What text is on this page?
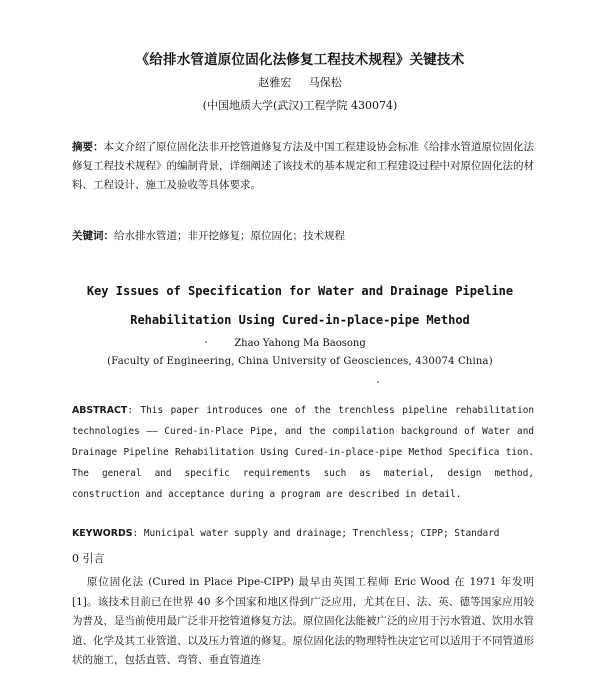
《给排水管道原位固化法修复工程技术规程》关键技术
赵雅宏 马保松
(中国地质大学(武汉)工程学院 430074)
摘要：本文介绍了原位固化法非开挖管道修复方法及中国工程建设协会标准《给排水管道原位固化法修复工程技术规程》的编制背景，详细阐述了该技术的基本规定和工程建设过程中对原位固化法的材料、工程设计、施工及验收等具体要求。
关键词：给水排水管道；非开挖修复；原位固化；技术规程
Key Issues of Specification for Water and Drainage Pipeline
Rehabilitation Using Cured-in-place-pipe Method
Zhao Yahong Ma Baosong
(Faculty of Engineering, China University of Geosciences, 430074 China)
ABSTRACT: This paper introduces one of the trenchless pipeline rehabilitation technologies —— Cured-in-Place Pipe, and the compilation background of Water and Drainage Pipeline Rehabilitation Using Cured-in-place-pipe Method Specifica tion. The general and specific requirements such as material, design method, construction and acceptance during a program are described in detail.
KEYWORDS: Municipal water supply and drainage; Trenchless; CIPP; Standard
0 引言
原位固化法 (Cured in Place Pipe-CIPP) 最早由英国工程师 Eric Wood 在 1971 年发明[1]。该技术目前已在世界 40 多个国家和地区得到广泛应用，尤其在日、法、英、德等国家应用较为普及，是当前使用最广泛非开挖管道修复方法。原位固化法能被广泛的应用于污水管道、饮用水管道、化学及其工业管道、以及压力管道的修复。原位固化法的物理特性决定它可以适用于不同管道形状的施工，包括直管、弯管、垂直管道连
